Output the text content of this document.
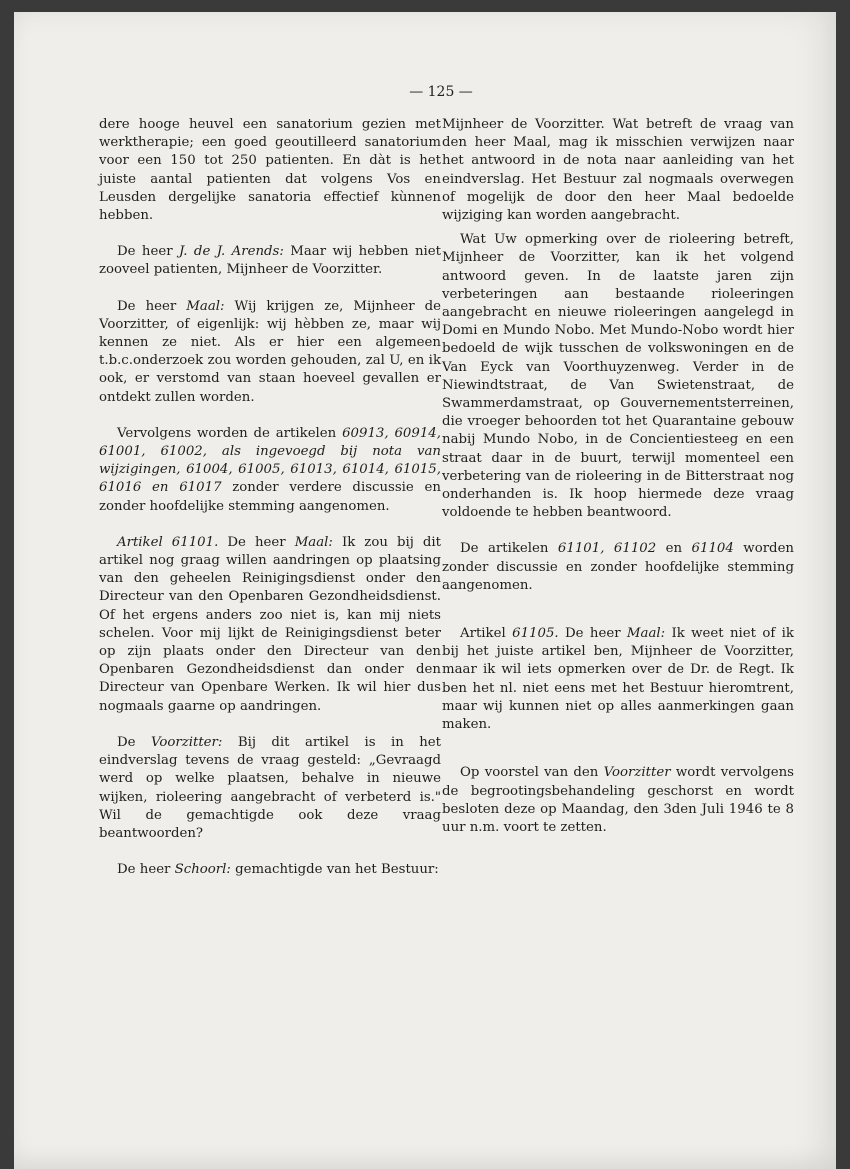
— 125 —

dere hooge heuvel een sanatorium gezien met werktherapie; een goed geoutilleerd sanatorium voor een 150 tot 250 patienten. En dàt is het juiste aantal patienten dat volgens Vos en Leusden dergelijke sanatoria effectief kùnnen hebben.

De heer J. de J. Arends: Maar wij hebben niet zooveel patienten, Mijnheer de Voorzitter.

De heer Maal: Wij krijgen ze, Mijnheer de Voorzitter, of eigenlijk: wij hèbben ze, maar wij kennen ze niet. Als er hier een algemeen t.b.c.onderzoek zou worden gehouden, zal U, en ik ook, er verstomd van staan hoeveel gevallen er ontdekt zullen worden.

Vervolgens worden de artikelen 60913, 60914, 61001, 61002, als ingevoegd bij nota van wijzigingen, 61004, 61005, 61013, 61014, 61015, 61016 en 61017 zonder verdere discussie en zonder hoofdelijke stemming aangenomen.

Artikel 61101. De heer Maal: Ik zou bij dit artikel nog graag willen aandringen op plaatsing van den geheelen Reinigingsdienst onder den Directeur van den Openbaren Gezondheidsdienst. Of het ergens anders zoo niet is, kan mij niets schelen. Voor mij lijkt de Reinigingsdienst beter op zijn plaats onder den Directeur van den Openbaren Gezondheidsdienst dan onder den Directeur van Openbare Werken. Ik wil hier dus nogmaals gaarne op aandringen.

De Voorzitter: Bij dit artikel is in het eindverslag tevens de vraag gesteld: „Gevraagd werd op welke plaatsen, behalve in nieuwe wijken, rioleering aangebracht of verbeterd is." Wil de gemachtigde ook deze vraag beantwoorden?

De heer Schoorl: gemachtigde van het Bestuur:

Mijnheer de Voorzitter. Wat betreft de vraag van den heer Maal, mag ik misschien verwijzen naar het antwoord in de nota naar aanleiding van het eindverslag. Het Bestuur zal nogmaals overwegen of mogelijk de door den heer Maal bedoelde wijziging kan worden aangebracht.

Wat Uw opmerking over de rioleering betreft, Mijnheer de Voorzitter, kan ik het volgend antwoord geven. In de laatste jaren zijn verbeteringen aan bestaande rioleeringen aangebracht en nieuwe rioleeringen aangelegd in Domi en Mundo Nobo. Met Mundo-Nobo wordt hier bedoeld de wijk tusschen de volkswoningen en de Van Eyck van Voorthuyzenweg. Verder in de Niewindtstraat, de Van Swietenstraat, de Swammerdamstraat, op Gouvernementsterreinen, die vroeger behoorden tot het Quarantaine gebouw nabij Mundo Nobo, in de Concientiesteeg en een straat daar in de buurt, terwijl momenteel een verbetering van de rioleering in de Bitterstraat nog onderhanden is. Ik hoop hiermede deze vraag voldoende te hebben beantwoord.

De artikelen 61101, 61102 en 61104 worden zonder discussie en zonder hoofdelijke stemming aangenomen.

Artikel 61105. De heer Maal: Ik weet niet of ik bij het juiste artikel ben, Mijnheer de Voorzitter, maar ik wil iets opmerken over de Dr. de Regt. Ik ben het nl. niet eens met het Bestuur hieromtrent, maar wij kunnen niet op alles aanmerkingen gaan maken.

Op voorstel van den Voorzitter wordt vervolgens de begrootingsbehandeling geschorst en wordt besloten deze op Maandag, den 3den Juli 1946 te 8 uur n.m. voort te zetten.
